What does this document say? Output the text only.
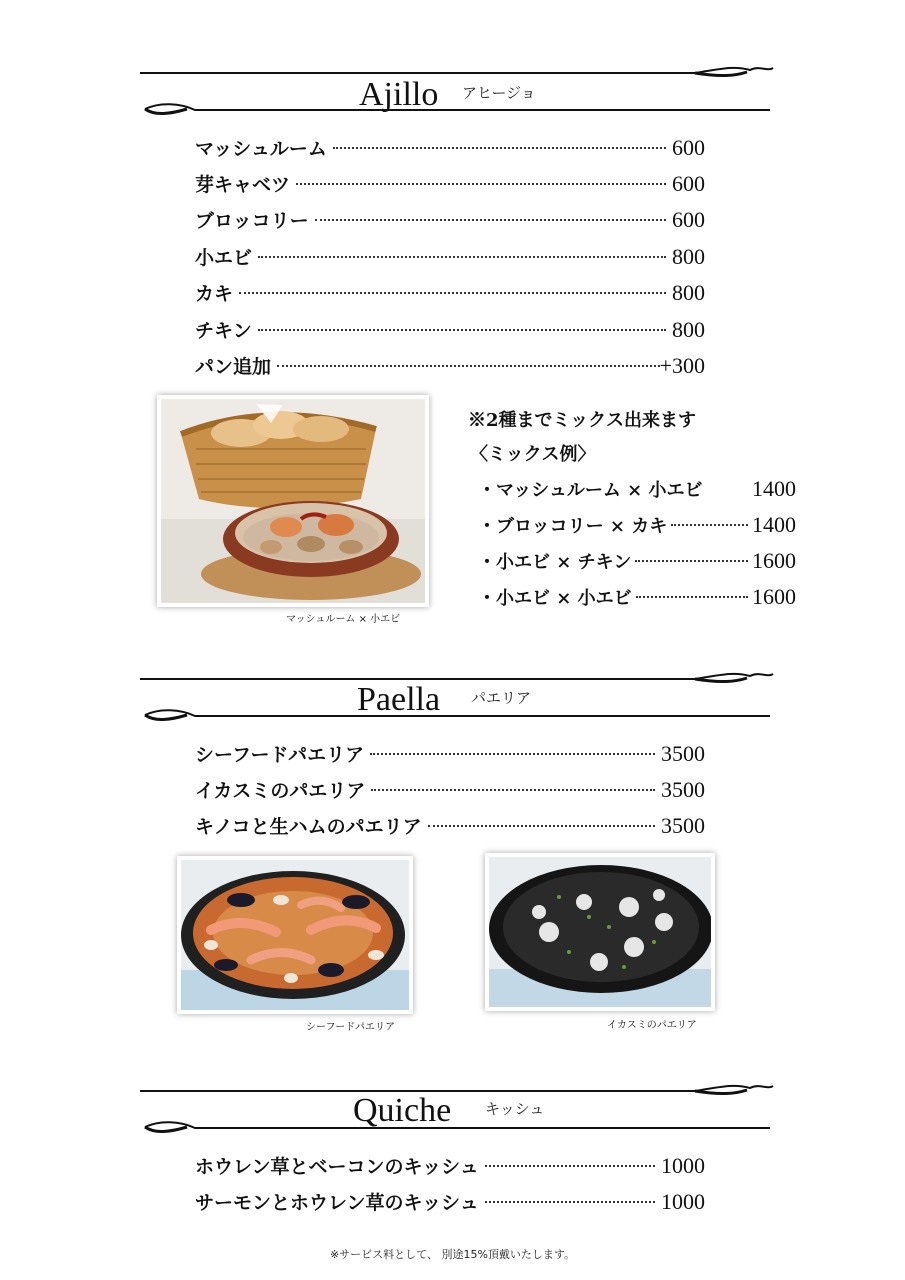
Ajillo アヒージョ
マッシュルーム	600
芽キャベツ	600
ブロッコリー	600
小エビ	800
カキ	800
チキン	800
パン追加	+300
マッシュルーム × 小エビ
※2種までミックス出来ます
〈ミックス例〉
・マッシュルーム × 小エビ 1400
・ブロッコリー × カキ	1400
・小エビ × チキン	1600
・小エビ × 小エビ	1600
Paella パエリア
シーフードパエリア	3500
イカスミのパエリア	3500
キノコと生ハムのパエリア	3500
シーフードパエリア	イカスミのパエリア
Quiche キッシュ
ホウレン草とベーコンのキッシュ	1000
サーモンとホウレン草のキッシュ	1000
※サービス料として、 別途15%頂戴いたします。
